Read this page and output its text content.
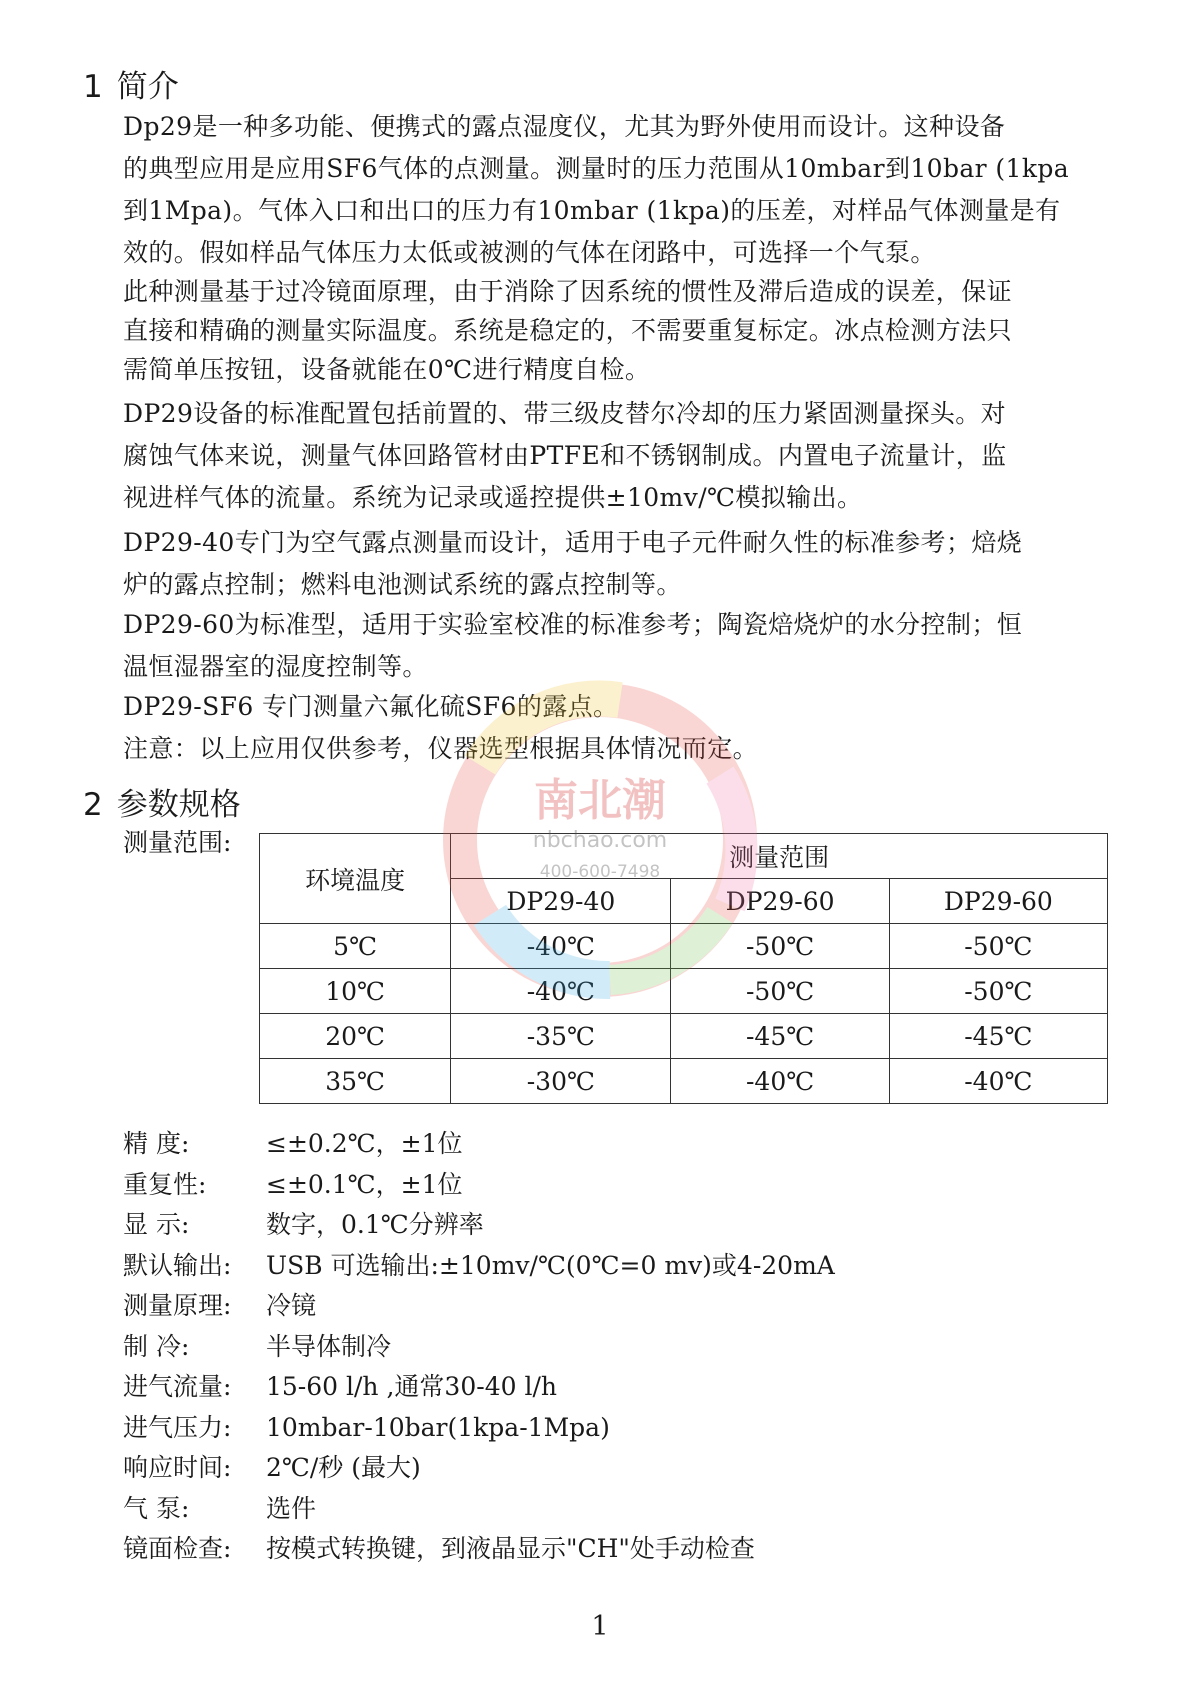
1 简介

Dp29是一种多功能、便携式的露点湿度仪，尤其为野外使用而设计。这种设备
的典型应用是应用SF6气体的点测量。测量时的压力范围从10mbar到10bar (1kpa
到1Mpa)。气体入口和出口的压力有10mbar (1kpa)的压差，对样品气体测量是有
效的。假如样品气体压力太低或被测的气体在闭路中，可选择一个气泵。

此种测量基于过冷镜面原理，由于消除了因系统的惯性及滞后造成的误差，保证
直接和精确的测量实际温度。系统是稳定的，不需要重复标定。冰点检测方法只
需简单压按钮，设备就能在0℃进行精度自检。

DP29设备的标准配置包括前置的、带三级皮替尔冷却的压力紧固测量探头。对
腐蚀气体来说，测量气体回路管材由PTFE和不锈钢制成。内置电子流量计，监
视进样气体的流量。系统为记录或遥控提供±10mv/℃模拟输出。

DP29-40专门为空气露点测量而设计，适用于电子元件耐久性的标准参考；焙烧
炉的露点控制；燃料电池测试系统的露点控制等。

DP29-60为标准型，适用于实验室校准的标准参考；陶瓷焙烧炉的水分控制；恒
温恒湿器室的湿度控制等。

DP29-SF6 专门测量六氟化硫SF6的露点。

注意：以上应用仅供参考，仪器选型根据具体情况而定。

2 参数规格

测量范围:

环境温度	测量范围		
	DP29-40	DP29-60	DP29-60
5℃	-40℃	-50℃	-50℃
10℃	-40℃	-50℃	-50℃
20℃	-35℃	-45℃	-45℃
35℃	-30℃	-40℃	-40℃
精 度:	≤±0.2℃，±1位
重复性: ≤±0.1℃，±1位
显 示:	数字，0.1℃分辨率
默认输出: USB 可选输出:±10mv/℃(0℃=0 mv)或4-20mA
测量原理: 冷镜
制 冷:	半导体制冷
进气流量: 15-60 l/h ,通常30-40 l/h
进气压力: 10mbar-10bar(1kpa-1Mpa)
响应时间: 2℃/秒 (最大)
气 泵:	选件
镜面检查: 按模式转换键，到液晶显示"CH"处手动检查
南北潮
nbchao.com
400-600-7498
1
